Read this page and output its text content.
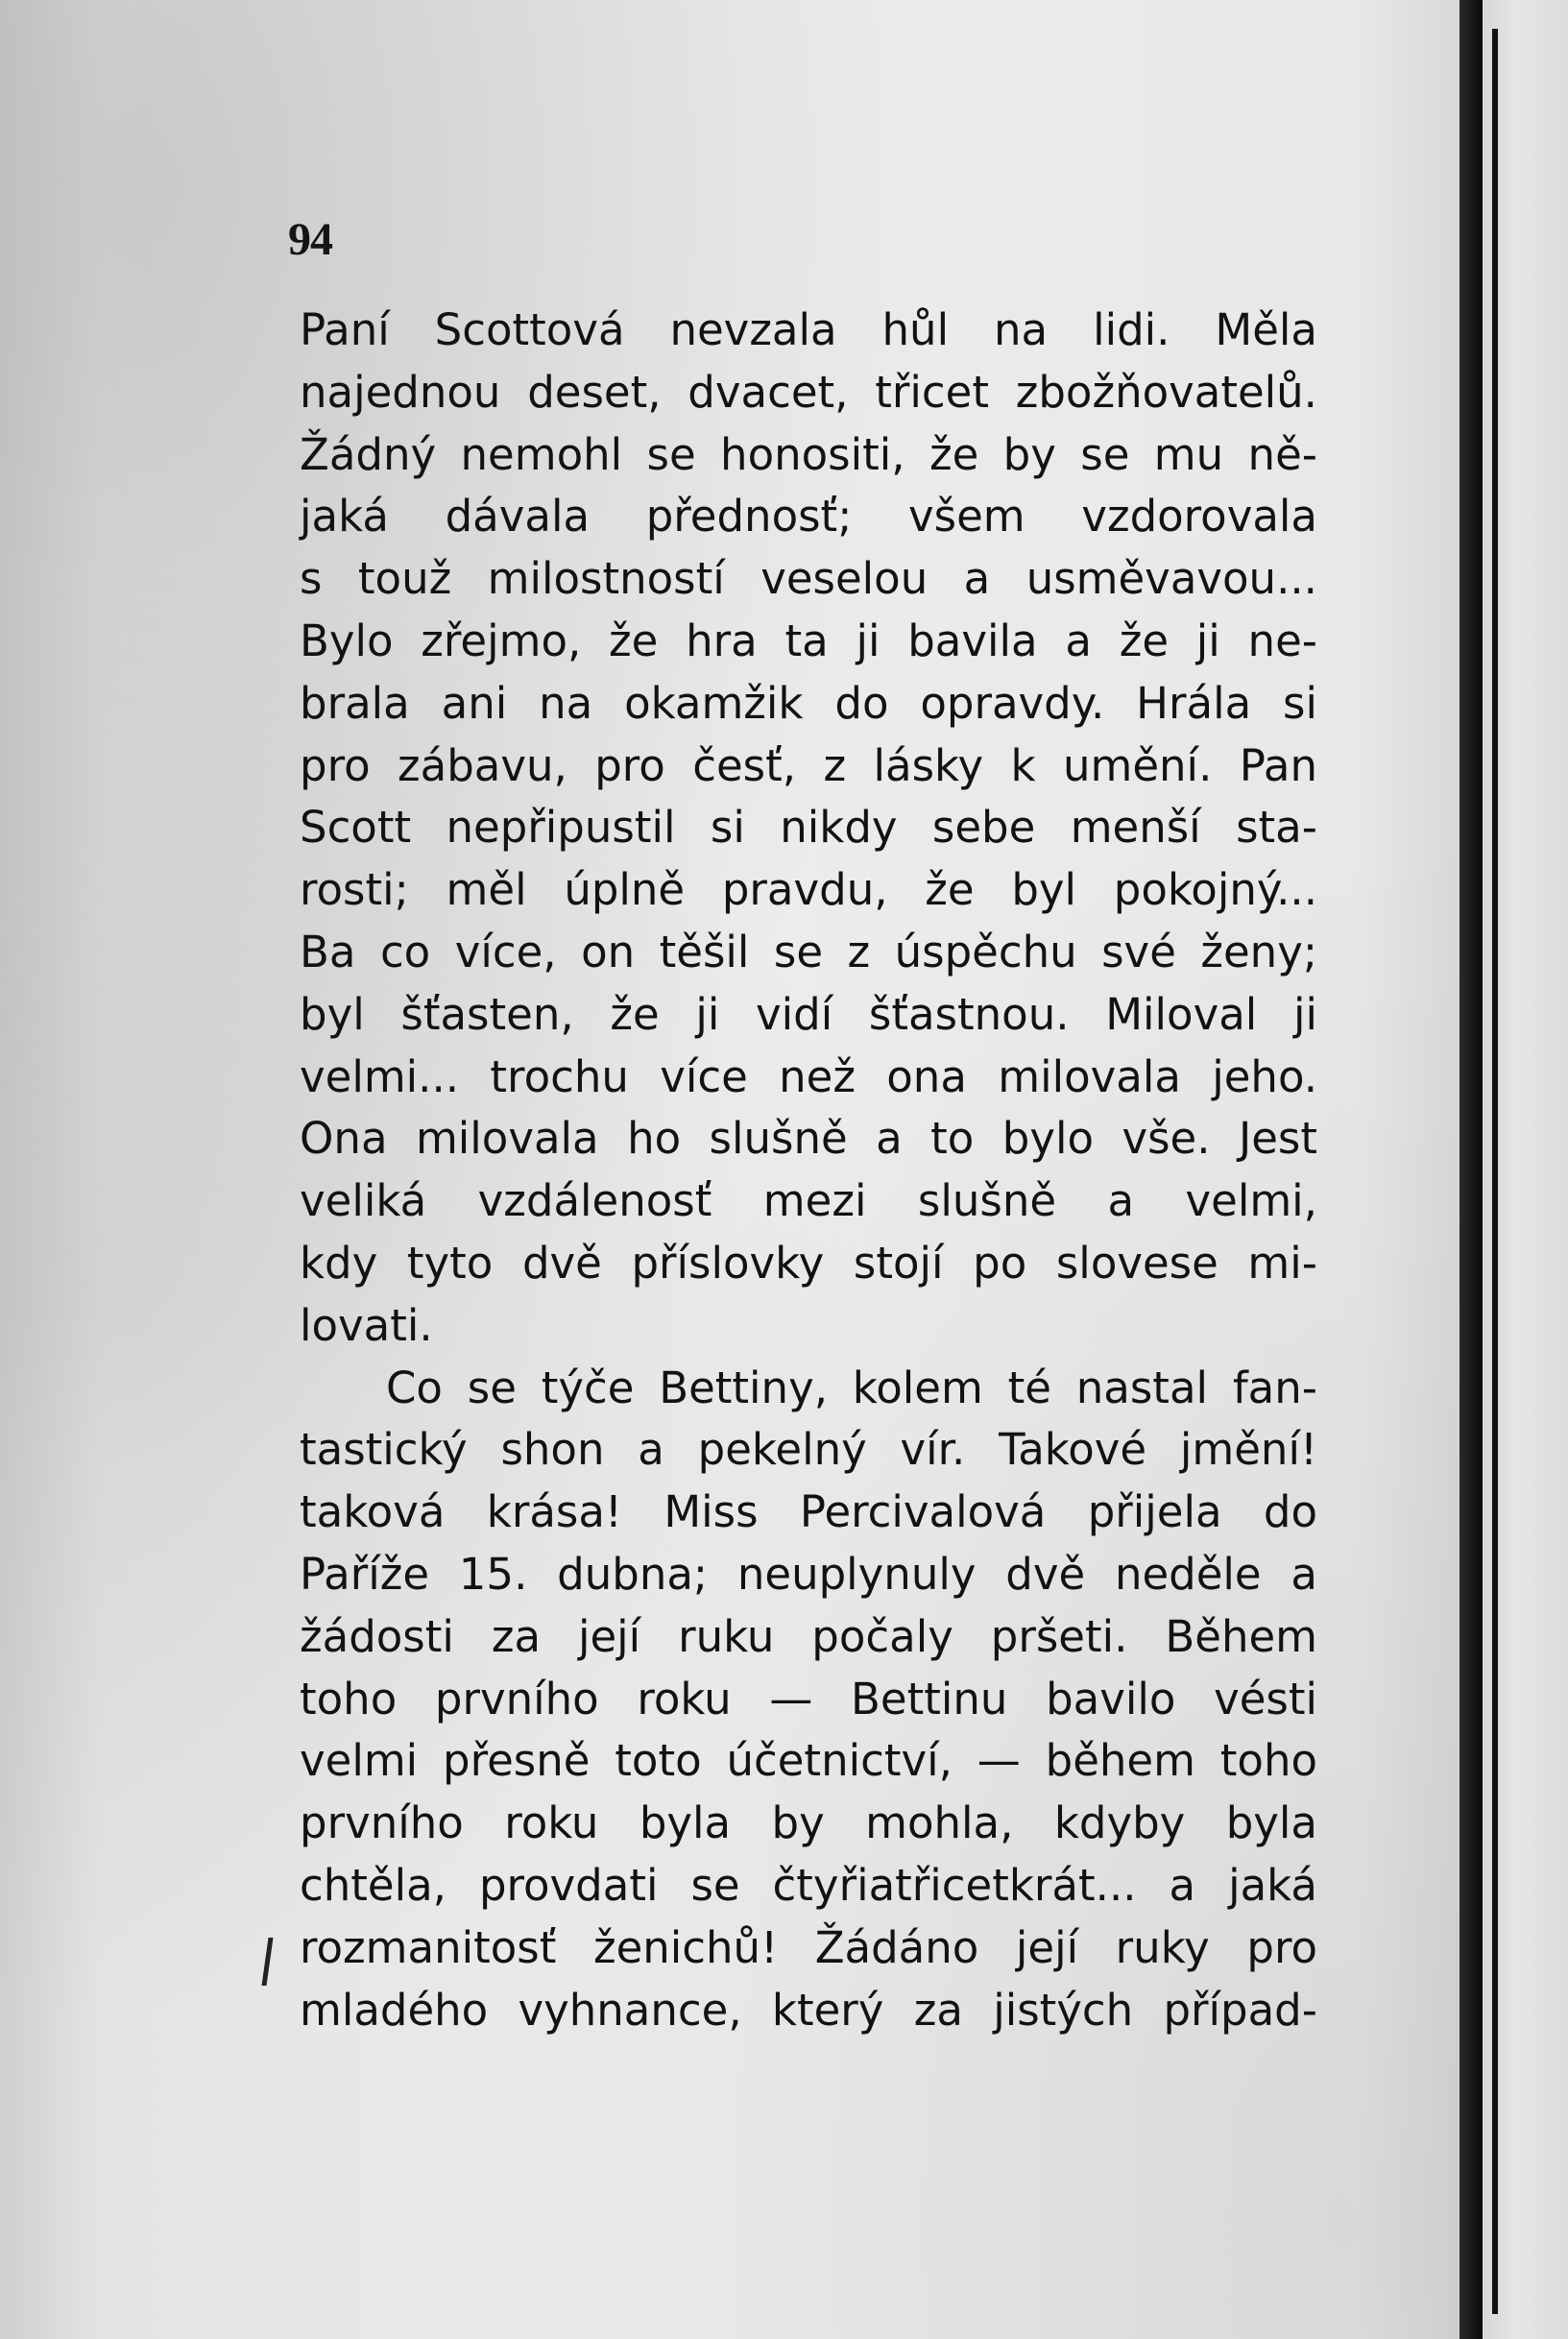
94
Paní Scottová nevzala hůl na lidi. Měla
najednou deset, dvacet, třicet zbožňovatelů.
Žádný nemohl se honositi, že by se mu ně-
jaká dávala přednosť; všem vzdorovala
s touž milostností veselou a usměvavou...
Bylo zřejmo, že hra ta ji bavila a že ji ne-
brala ani na okamžik do opravdy. Hrála si
pro zábavu, pro česť, z lásky k umění. Pan
Scott nepřipustil si nikdy sebe menší sta-
rosti; měl úplně pravdu, že byl pokojný...
Ba co více, on těšil se z úspěchu své ženy;
byl šťasten, že ji vidí šťastnou. Miloval ji
velmi... trochu více než ona milovala jeho.
Ona milovala ho slušně a to bylo vše. Jest
veliká vzdálenosť mezi slušně a velmi,
kdy tyto dvě příslovky stojí po slovese mi-
lovati.
Co se týče Bettiny, kolem té nastal fan-
tastický shon a pekelný vír. Takové jmění!
taková krása! Miss Percivalová přijela do
Paříže 15. dubna; neuplynuly dvě neděle a
žádosti za její ruku počaly pršeti. Během
toho prvního roku — Bettinu bavilo vésti
velmi přesně toto účetnictví, — během toho
prvního roku byla by mohla, kdyby byla
chtěla, provdati se čtyřiatřicetkrát... a jaká
rozmanitosť ženichů! Žádáno její ruky pro
mladého vyhnance, který za jistých případ-
